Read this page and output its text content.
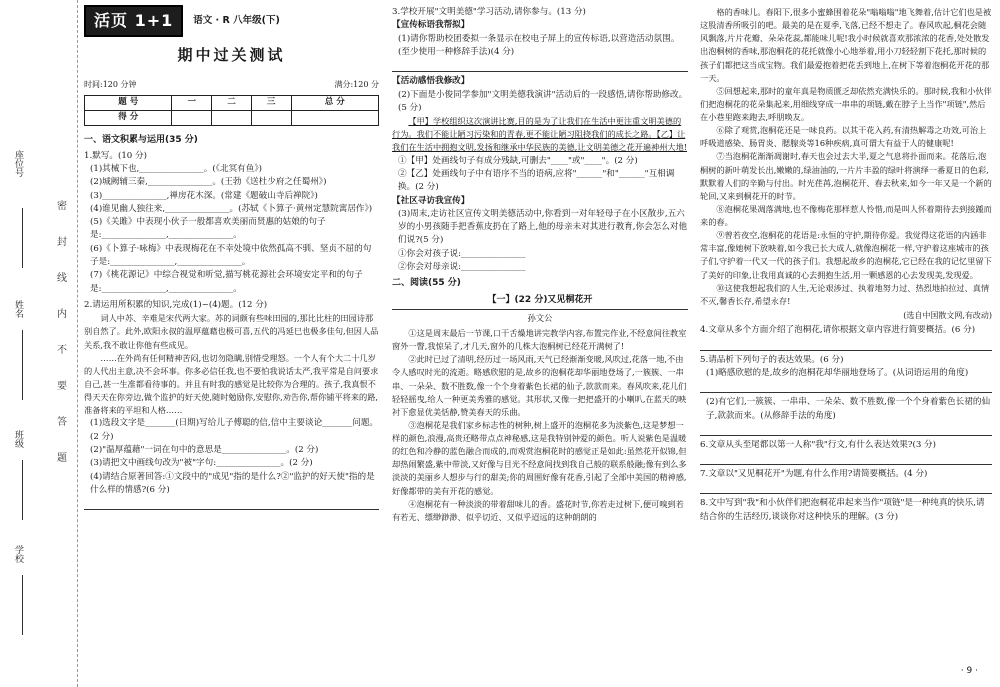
座位号
姓名
班级
学校
密封线内不要答题
活页 1+1	语文 · R 八年级(下)
期中过关测试
时间:120 分钟	满分:120 分
题 号	一	二	三	总 分
得 分				
一、语文积累与运用(35 分)

1.默写。(10 分)

(1)其械下也,_______________。(《北冥有鱼》)

(2)城阙辅三秦,_______________。(王勃《送杜少府之任蜀州》)

(3)_______________,禅房花木深。(常建《题破山寺后禅院》)

(4)谁见幽人独往来,_______________。(苏轼《卜算子·黄州定慧院寓居作》)

(5)《关雎》中表现小伙子一般都喜欢美丽而贤惠的姑娘的句子是:_______________,_______________。

(6)《卜算子·咏梅》中表现梅花在不幸处境中依然孤高不驯、坚贞不屈的句子是:_______________,_______________。

(7)《桃花源记》中综合视觉和听觉,描写桃花源社会环境安定平和的句子是:_______________,_______________。

2.请运用所积累的知识,完成(1)~(4)题。(12 分)

词人中苏、辛难是宋代两大家。苏的词颇有些味田园的,那比比柱的田园诗那别自然了。此外,欧阳永叔的温厚蕴藉也极可喜,五代的冯延巳也极多佳句,但因人品关系,我不敢让你他有些成见。

……在外尚有任何精神苦闷,也切勿隐瞒,别惜受理怒。一个人有个大二十几岁的人代出主意,决不会坏事。你多必信任我,也不要怕我说话太严,我平常是自问要求自己,甚一生准都看待事的。并且有时我的感觉是比较你为合理的。孩子,我真恨不得天天在你旁边,做个监护的好天使,随时勉励你,安慰你,劝告你,帮你铺平将来的路,准备将来的平坦和人格……

(1)选段文字是_______(日期)写给儿子傅聪的信,信中主要谈论_______问题。(2 分)

(2)"温厚蕴藉"一词在句中的意思是_______________。(2 分)

(3)请把文中画线句改为"被"字句:_______________。(2 分)

(4)请结合原著回答:①文段中的"成见"指的是什么?②"监护的好天使"指的是什么样的情感?(6 分)

3.学校开展"文明美德"学习活动,请你参与。(13 分)

【宣传标语我帮拟】

(1)请你帮助校团委拟一条显示在校电子屏上的宣传标语,以营造活动氛围。(至少使用一种修辞手法)(4 分)

【活动感悟我修改】

(2)下面是小俊同学参加"文明美德我演讲"活动后的一段感悟,请你帮助修改。(5 分)

【甲】学校组织这次演讲比赛,目的是为了让我们在生活中更注重文明美德的行为。我们不能让陋习污染和的青春,更不能让陋习阻挠我们的成长之路。【乙】让我们在生活中拥抱文明,发扬和继承中华民族的美德,让文明美德之花开遍神州大地!

①【甲】处画线句子有成分残缺,可删去"____"或"____"。(2 分)

②【乙】处画线句子中有语序不当的语病,应将"______"和"______"互相调换。(2 分)

【社区寻访我宣传】

(3)周末,走访社区宣传文明美德活动中,你看到一对年轻母子在小区散步,五六岁的小男孩随手把香蕉皮扔在了路上,他的母亲未对其进行教育,你会怎么对他们说?(5 分)

①你会对孩子说:_______________

②你会对母亲说:_______________

二、阅读(55 分)
【一】(22 分)又见桐花开
孙文公

①这是周末最后一节课,口干舌燥地讲完教学内容,布置完作业,不经意间往教室窗外一瞥,我惊呆了,才几天,窗外的几株大泡桐树已经花开满树了!

②此时已过了清明,经历过一场风雨,天气已经渐渐变暖,风吹过,花落一地,不由令人感叹时光的流逝。略感欣慰的是,故乡的泡桐花却华丽地登场了,一簇簇、一串串、一朵朵、数不胜数,像一个个身着紫色长裙的仙子,款款而来。春风吹来,花儿们轻轻摇曳,给人一种更美秀雅的感觉。其形状,又像一把把盛开的小喇叭,在蓝天的映衬下愈显优美恬静,赞美春天的乐曲。

③泡桐花是我们家乡标志性的树种,树上盛开的泡桐花多为淡紫色,这是梦想一样的颜色,浪漫,高贵还略带点点神秘感,这是我特别钟爱的颜色。听人说紫色是温暖的红色和冷静的蓝色融合而成的,而观赏泡桐花时的感觉正是如此:虽然花开似锦,但却热闹繁盛,紫中带淡,又好像与目光不经意间找到我自己般的联系般融;像有到么多淡淡的美丽乡人想步与行的甜美;你的周围好像有花香,引起了全部中美国的精神感,好像都带的美有开花的感觉。

④泡桐花有一种淡淡的带着甜味儿的香。盛花时节,你若走过树下,便可嗅到若有若无、缥缈渺渺、似乎切近、又似乎迢远的这种朗朗的

格的香味儿。春阳下,很多小蜜蜂围着花朵"嗡嗡嗡"地飞舞着,估计它们也是被这股清香所吸引的吧。最美的是在夏季,飞落,已经不想走了。春风吹起,桐花会随风飘落,片片花瓣、朵朵花蕊,都能味儿呢!我小时候就喜欢那浓浓的花香,处处散发出泡桐树的香味,那泡桐花的花托就像小心地举着,用小刀轻轻割下花托,那时候的孩子们都把这当成宝物。我们最爱抱着把花丢到地上,在树下等着泡桐花开花的那一天。

⑤回想起来,那时的童年真是物质匮乏却依然充满快乐的。那时候,我和小伙伴们把泡桐花的花朵集起来,用细线穿成一串串的项链,戴在脖子上当作"项链",然后在小巷里跑来跑去,呼朋唤友。

⑥除了观赏,泡桐花还是一味良药。以其干花入药,有清热解毒之功效,可治上呼吸道感染、肠胃炎、腮腺炎等16种疾病,真可谓大有益于人的健康呢!

⑦当泡桐花渐渐凋谢时,春天也会过去大半,夏之气息将扑面而来。花落后,泡桐树的新叶萌发长出,嫩嫩的,绿油油的,一片片丰盈的绿叶将演绎一番夏日的色彩,默默着人们的辛勤与付出。时光荏苒,泡桐花开、春去秋来,如今一年又是一个新的轮回,又来到桐花开的时节。

⑧泡桐花果凋落满地,也不像梅花那样惹人怜惜,而是叫人怀着期待去到接踵而来的春。

⑨曾若夜空,泡桐花的花语是:永恒的守护,期待你爱。我觉得这花语的内涵非常丰富,像她树下放映着,如今我已长大成人,就像泡桐花一样,守护着这座城市的孩子们,守护着一代又一代的孩子们。我想起故乡的泡桐花,它已经在我的记忆里留下了美好的印象,让我用真诚的心去拥抱生活,用一颗感恩的心去发现美,发现爱。

⑩这使我想起我们的人生,无论艰涉过、执着地努力过、热烈地拍拉过、真情不灭,馨香长存,希望永存!

(选自中国散文网,有改动)

4.文章从多个方面介绍了泡桐花,请你根据文章内容进行简要概括。(6 分)

5.请品析下列句子的表达效果。(6 分)

(1)略感欣慰的是,故乡的泡桐花却华丽地登场了。(从词语运用的角度)

(2)有它们,一簇簇、一串串、一朵朵、数不胜数,像一个个身着紫色长裙的仙子,款款而来。(从修辞手法的角度)

6.文章从头至尾都以第一人称"我"行文,有什么表达效果?(3 分)

7.文章以"又见桐花开"为题,有什么作用?请简要概括。(4 分)

8.文中写到"我"和小伙伴们把泡桐花串起来当作"项链"是一种纯真的快乐,请结合你的生活经历,谈谈你对这种快乐的理解。(3 分)

· 9 ·
